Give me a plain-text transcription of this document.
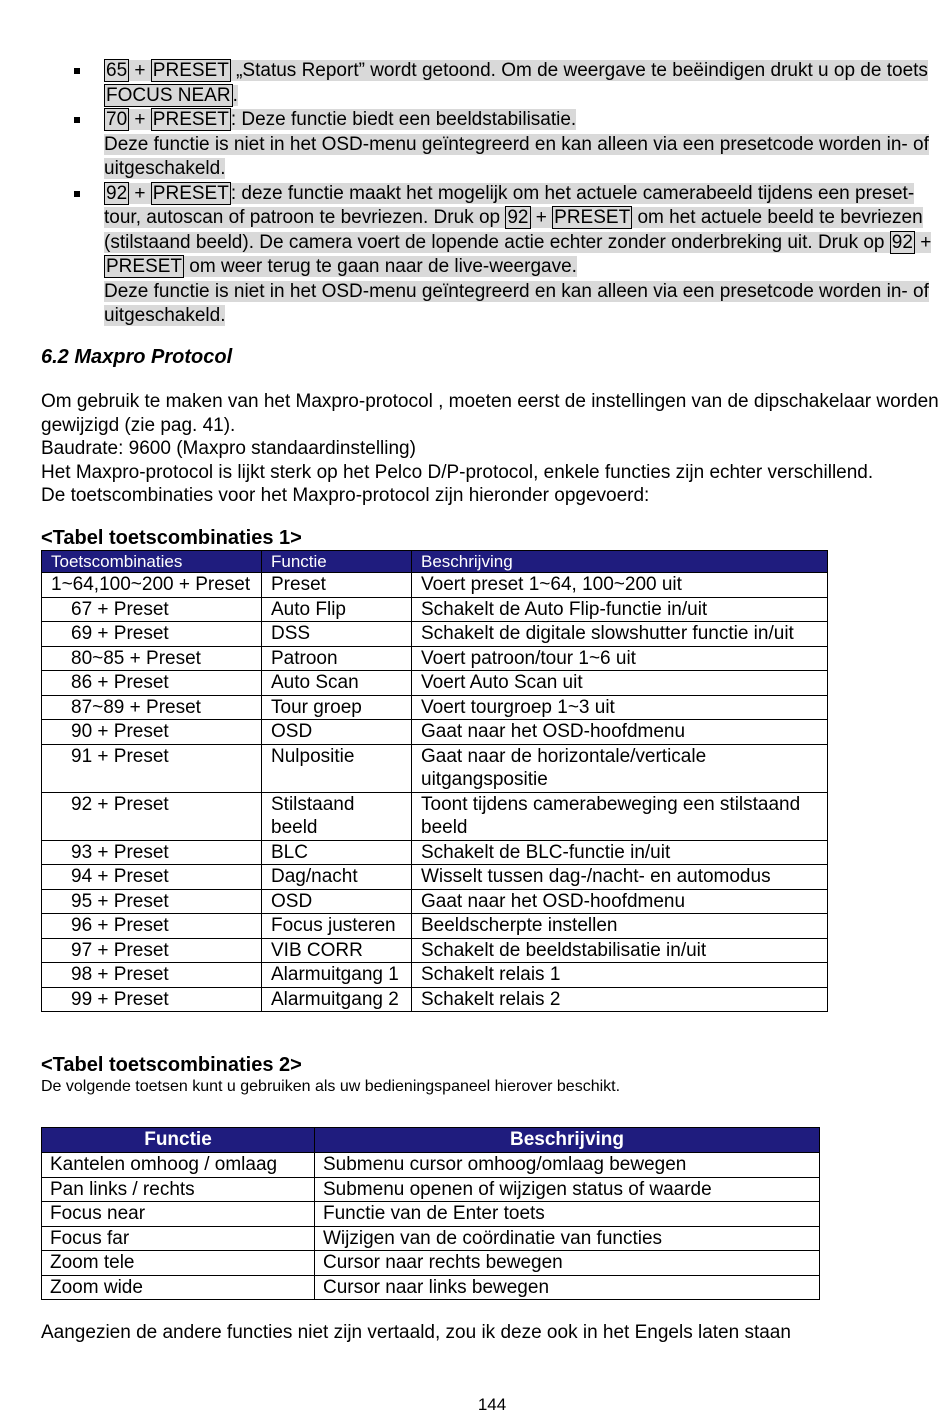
65 + PRESET „Status Report” wordt getoond. Om de weergave te beëindigen drukt u op de toets FOCUS NEAR .
70 + PRESET : Deze functie biedt een beeldstabilisatie.
Deze functie is niet in het OSD-menu geïntegreerd en kan alleen via een presetcode worden in- of uitgeschakeld.
92 + PRESET : deze functie maakt het mogelijk om het actuele camerabeeld tijdens een preset-tour, autoscan of patroon te bevriezen. Druk op 92 + PRESET om het actuele beeld te bevriezen (stilstaand beeld). De camera voert de lopende actie echter zonder onderbreking uit. Druk op 92 + PRESET om weer terug te gaan naar de live-weergave.
Deze functie is niet in het OSD-menu geïntegreerd en kan alleen via een presetcode worden in- of uitgeschakeld.
6.2 Maxpro Protocol

Om gebruik te maken van het Maxpro-protocol , moeten eerst de instellingen van de dipschakelaar worden gewijzigd (zie pag. 41).

Baudrate: 9600 (Maxpro standaardinstelling)

Het Maxpro-protocol is lijkt sterk op het Pelco D/P-protocol, enkele functies zijn echter verschillend.

De toetscombinaties voor het Maxpro-protocol zijn hieronder opgevoerd:

<Tabel toetscombinaties 1>
Toetscombinaties	Functie	Beschrijving
1~64,100~200 + Preset	Preset	Voert preset 1~64, 100~200 uit
67 + Preset	Auto Flip	Schakelt de Auto Flip-functie in/uit
69 + Preset	DSS	Schakelt de digitale slowshutter functie in/uit
80~85 + Preset	Patroon	Voert patroon/tour 1~6 uit
86 + Preset	Auto Scan	Voert Auto Scan uit
87~89 + Preset	Tour groep	Voert tourgroep 1~3 uit
90 + Preset	OSD	Gaat naar het OSD-hoofdmenu
91 + Preset	Nulpositie	Gaat naar de horizontale/verticale uitgangspositie
92 + Preset	Stilstaand beeld	Toont tijdens camerabeweging een stilstaand beeld
93 + Preset	BLC	Schakelt de BLC-functie in/uit
94 + Preset	Dag/nacht	Wisselt tussen dag-/nacht- en automodus
95 + Preset	OSD	Gaat naar het OSD-hoofdmenu
96 + Preset	Focus justeren	Beeldscherpte instellen
97 + Preset	VIB CORR	Schakelt de beeldstabilisatie in/uit
98 + Preset	Alarmuitgang 1	Schakelt relais 1
99 + Preset	Alarmuitgang 2	Schakelt relais 2
<Tabel toetscombinaties 2>
De volgende toetsen kunt u gebruiken als uw bedieningspaneel hierover beschikt.
Functie	Beschrijving
Kantelen omhoog / omlaag	Submenu cursor omhoog/omlaag bewegen
Pan links / rechts	Submenu openen of wijzigen status of waarde
Focus near	Functie van de Enter toets
Focus far	Wijzigen van de coördinatie van functies
Zoom tele	Cursor naar rechts bewegen
Zoom wide	Cursor naar links bewegen
Aangezien de andere functies niet zijn vertaald, zou ik deze ook in het Engels laten staan
144
